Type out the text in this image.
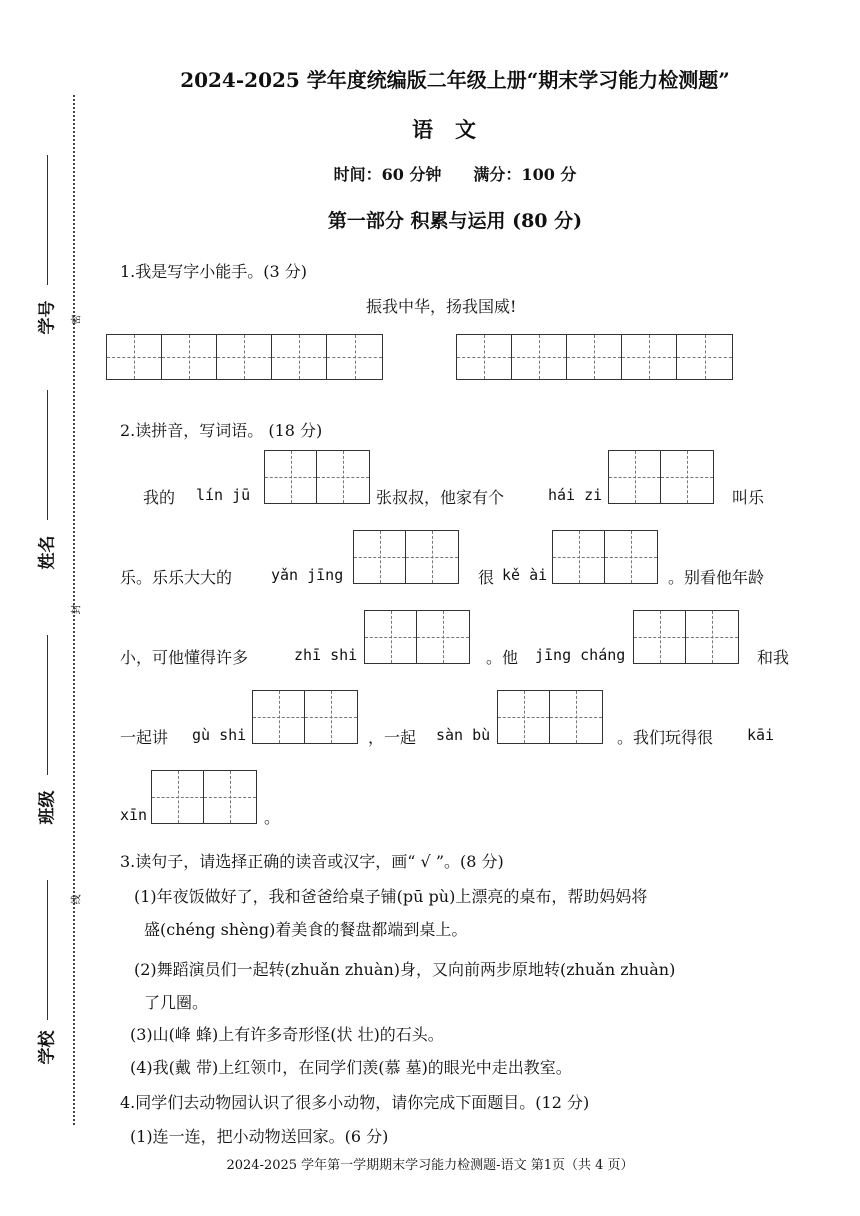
密
封
线
学号
姓名
班级
学校
2024-2025 学年度统编版二年级上册“期末学习能力检测题”
语文
时间：60 分钟　　满分：100 分
第一部分 积累与运用 (80 分)
1.我是写字小能手。(3 分)
振我中华，扬我国威!
2.读拼音，写词语。 (18 分)
我的 lín jū	张叔叔，他家有个	hái zi	叫乐
乐。乐乐大大的	yǎn jīng	很 kě ài	。别看他年龄
小，可他懂得许多	zhī shi	。他 jīng cháng	和我
一起讲 gù shi	，一起 sàn bù	。我们玩得很 kāi
xīn	。
3.读句子，请选择正确的读音或汉字，画“ √ ”。(8 分)
(1)年夜饭做好了，我和爸爸给桌子铺(pū pù)上漂亮的桌布，帮助妈妈将
盛(chéng shèng)着美食的餐盘都端到桌上。
(2)舞蹈演员们一起转(zhuǎn zhuàn)身，又向前两步原地转(zhuǎn zhuàn)
了几圈。
(3)山(峰 蜂)上有许多奇形怪(状 壮)的石头。
(4)我(戴 带)上红领巾，在同学们羡(慕 墓)的眼光中走出教室。
4.同学们去动物园认识了很多小动物，请你完成下面题目。(12 分)
(1)连一连，把小动物送回家。(6 分)
2024-2025 学年第一学期期末学习能力检测题-语文 第1页（共 4 页）
